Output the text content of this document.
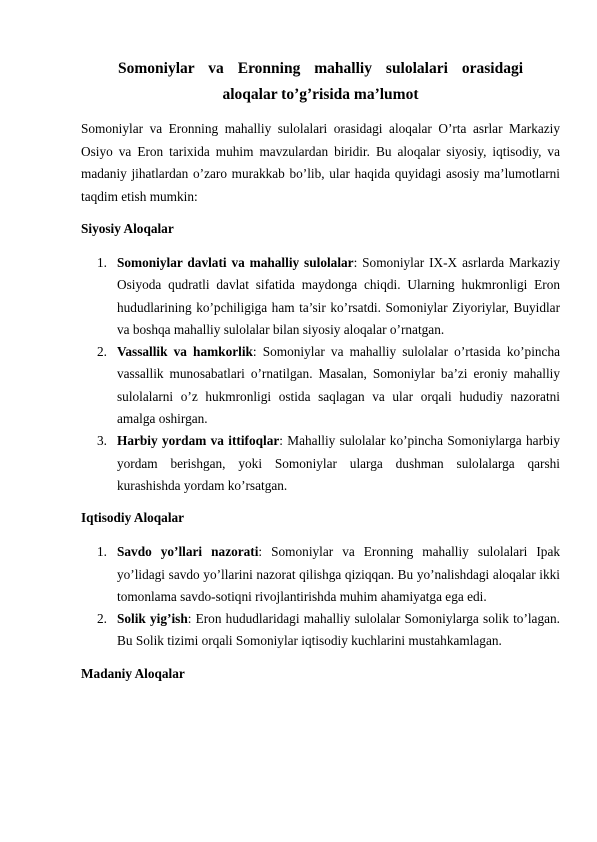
Somoniylar va Eronning mahalliy sulolalari orasidagi

aloqalar to’g’risida ma’lumot

Somoniylar va Eronning mahalliy sulolalari orasidagi aloqalar O’rta asrlar Markaziy Osiyo va Eron tarixida muhim mavzulardan biridir. Bu aloqalar siyosiy, iqtisodiy, va madaniy jihatlardan o’zaro murakkab bo’lib, ular haqida quyidagi asosiy ma’lumotlarni taqdim etish mumkin:

Siyosiy Aloqalar
1. Somoniylar davlati va mahalliy sulolalar: Somoniylar IX-X asrlarda Markaziy Osiyoda qudratli davlat sifatida maydonga chiqdi. Ularning hukmronligi Eron hududlarining ko’pchiligiga ham ta’sir ko’rsatdi. Somoniylar Ziyoriylar, Buyidlar va boshqa mahalliy sulolalar bilan siyosiy aloqalar o’rnatgan.
2. Vassallik va hamkorlik: Somoniylar va mahalliy sulolalar o’rtasida ko’pincha vassallik munosabatlari o’rnatilgan. Masalan, Somoniylar ba’zi eroniy mahalliy sulolalarni o’z hukmronligi ostida saqlagan va ular orqali hududiy nazoratni amalga oshirgan.
3. Harbiy yordam va ittifoqlar: Mahalliy sulolalar ko’pincha Somoniylarga harbiy yordam berishgan, yoki Somoniylar ularga dushman sulolalarga qarshi kurashishda yordam ko’rsatgan.
Iqtisodiy Aloqalar
1. Savdo yo’llari nazorati: Somoniylar va Eronning mahalliy sulolalari Ipak yo’lidagi savdo yo’llarini nazorat qilishga qiziqqan. Bu yo’nalishdagi aloqalar ikki tomonlama savdo-sotiqni rivojlantirishda muhim ahamiyatga ega edi.
2. Solik yig’ish: Eron hududlaridagi mahalliy sulolalar Somoniylarga solik to’lagan. Bu Solik tizimi orqali Somoniylar iqtisodiy kuchlarini mustahkamlagan.
Madaniy Aloqalar
